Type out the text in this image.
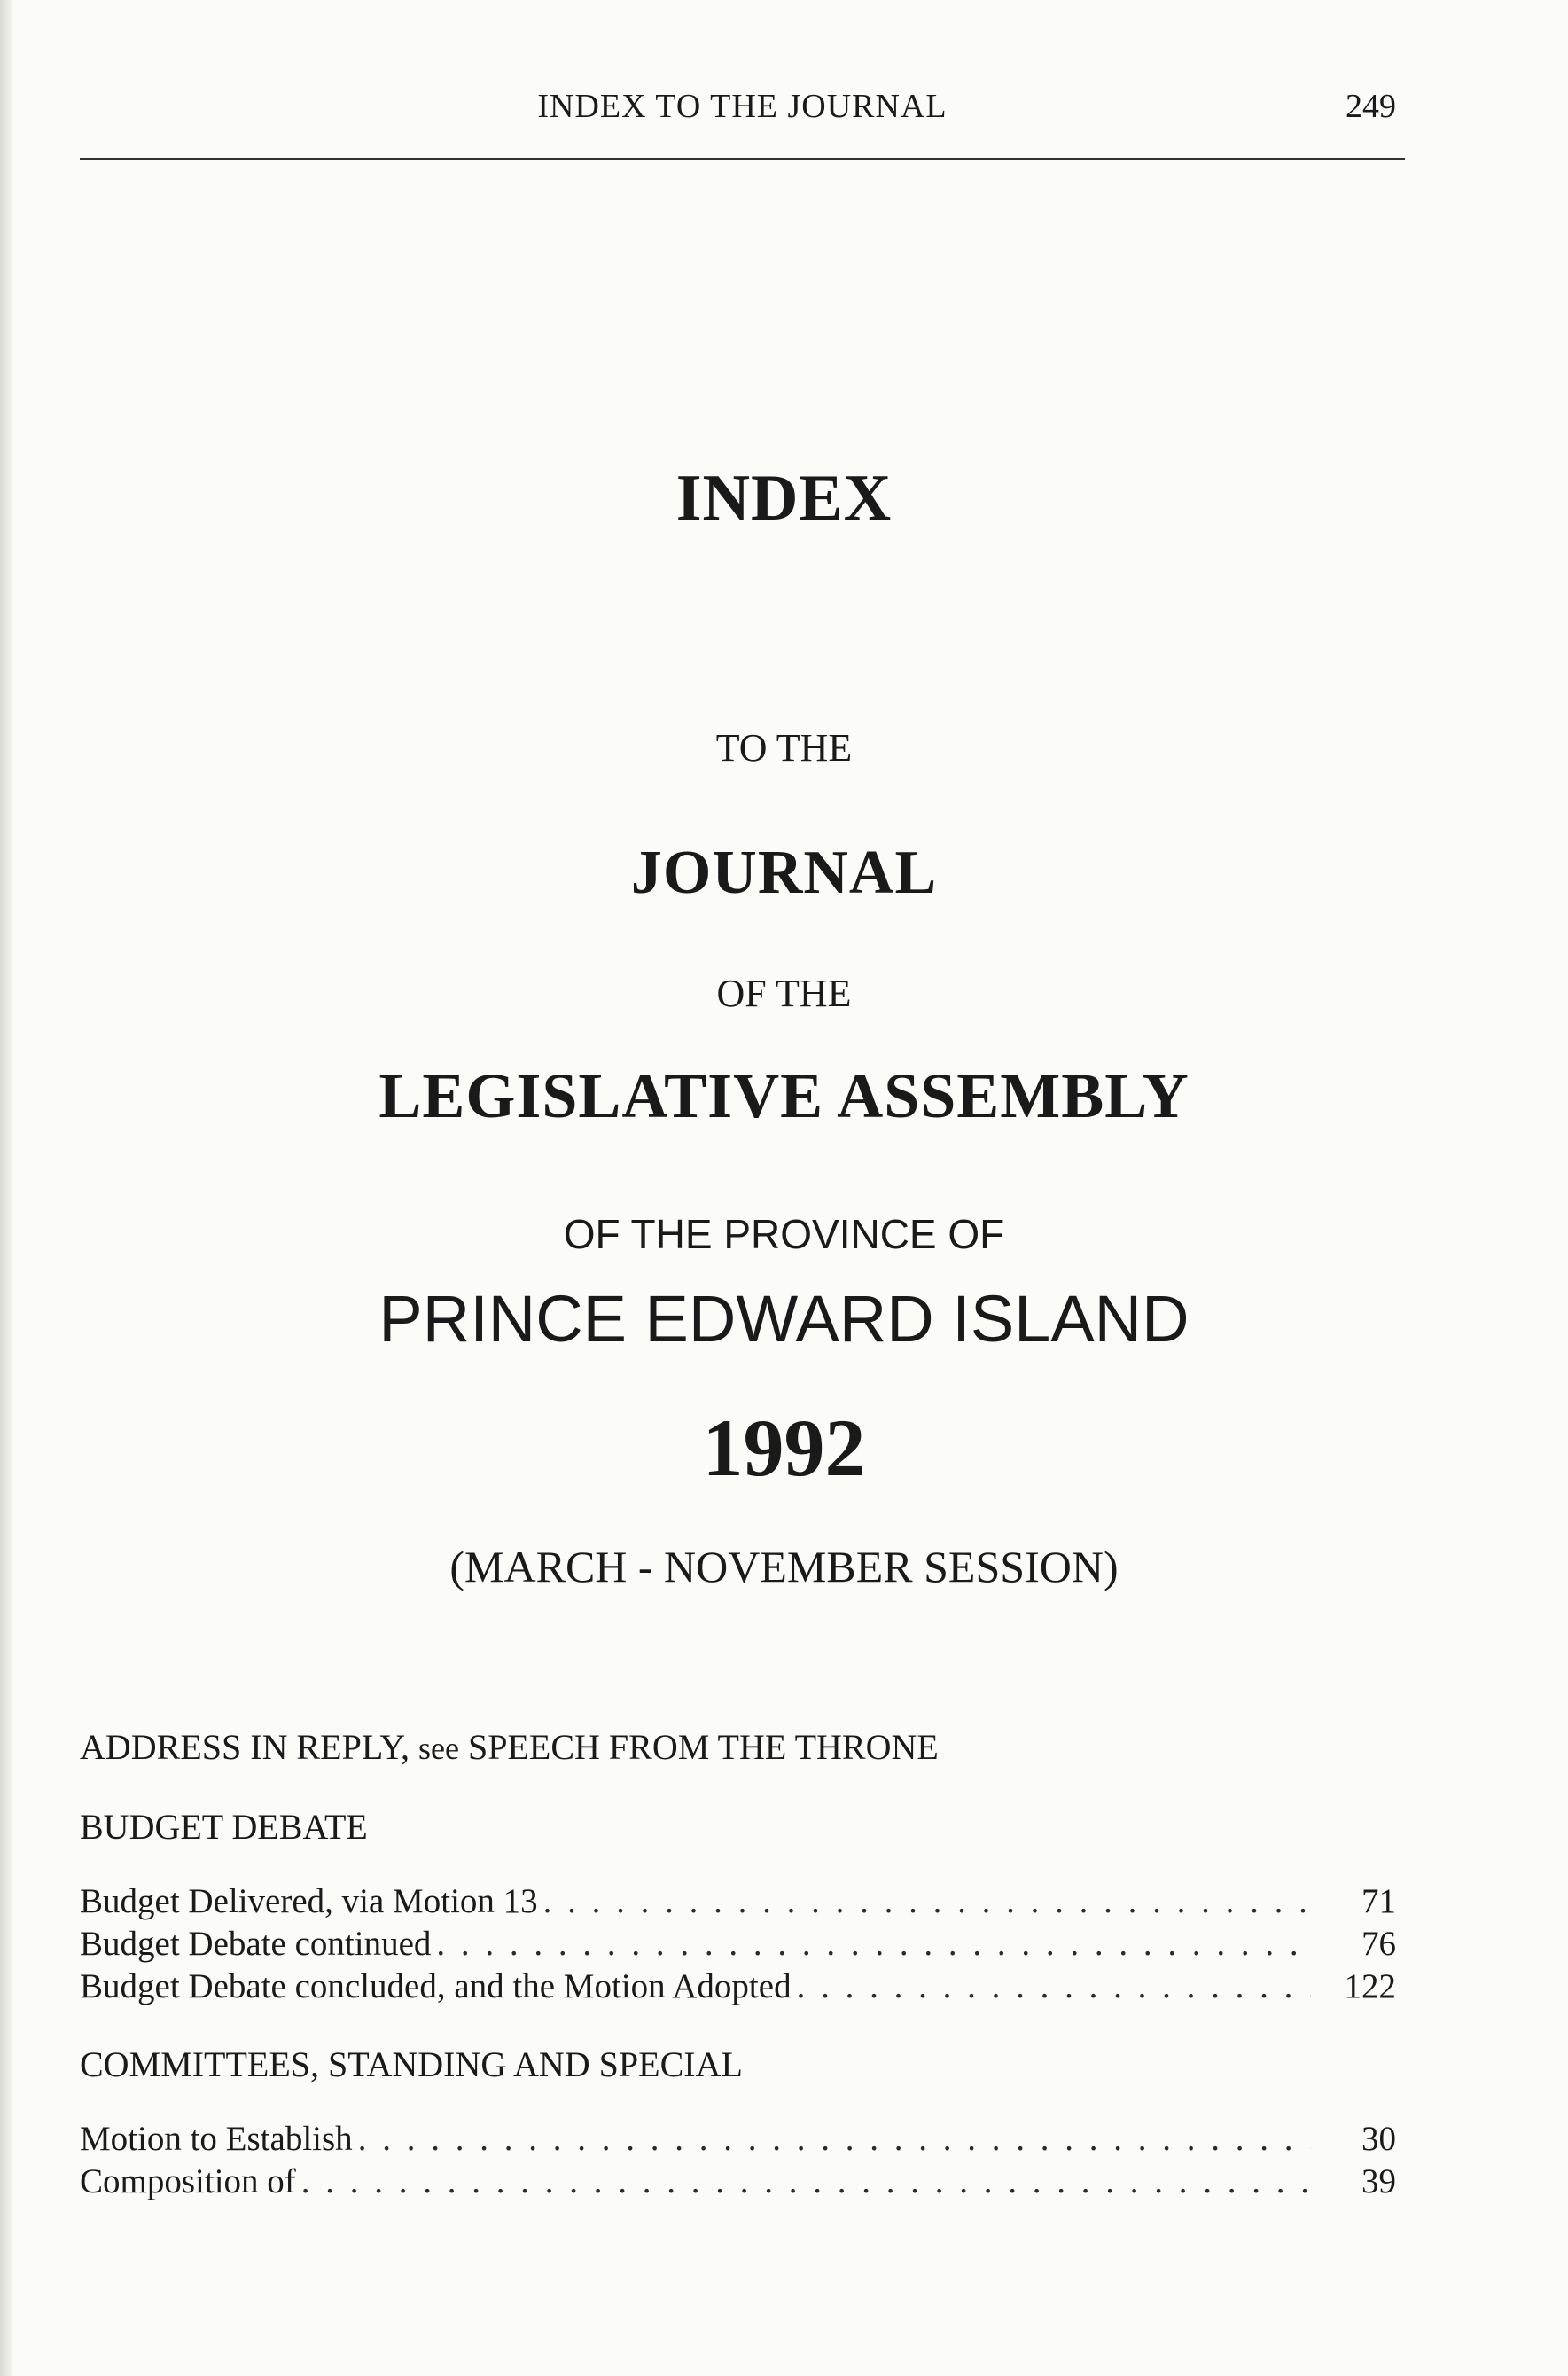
INDEX TO THE JOURNAL	249
INDEX
TO THE
JOURNAL
OF THE
LEGISLATIVE ASSEMBLY
OF THE PROVINCE OF
PRINCE EDWARD ISLAND
1992
(MARCH - NOVEMBER SESSION)
ADDRESS IN REPLY, see SPEECH FROM THE THRONE
BUDGET DEBATE
Budget Delivered, via Motion 13 . . .	71
Budget Debate continued . . .	76
Budget Debate concluded, and the Motion Adopted . . .	122
COMMITTEES, STANDING AND SPECIAL
Motion to Establish . . .	30
Composition of . . .	39
